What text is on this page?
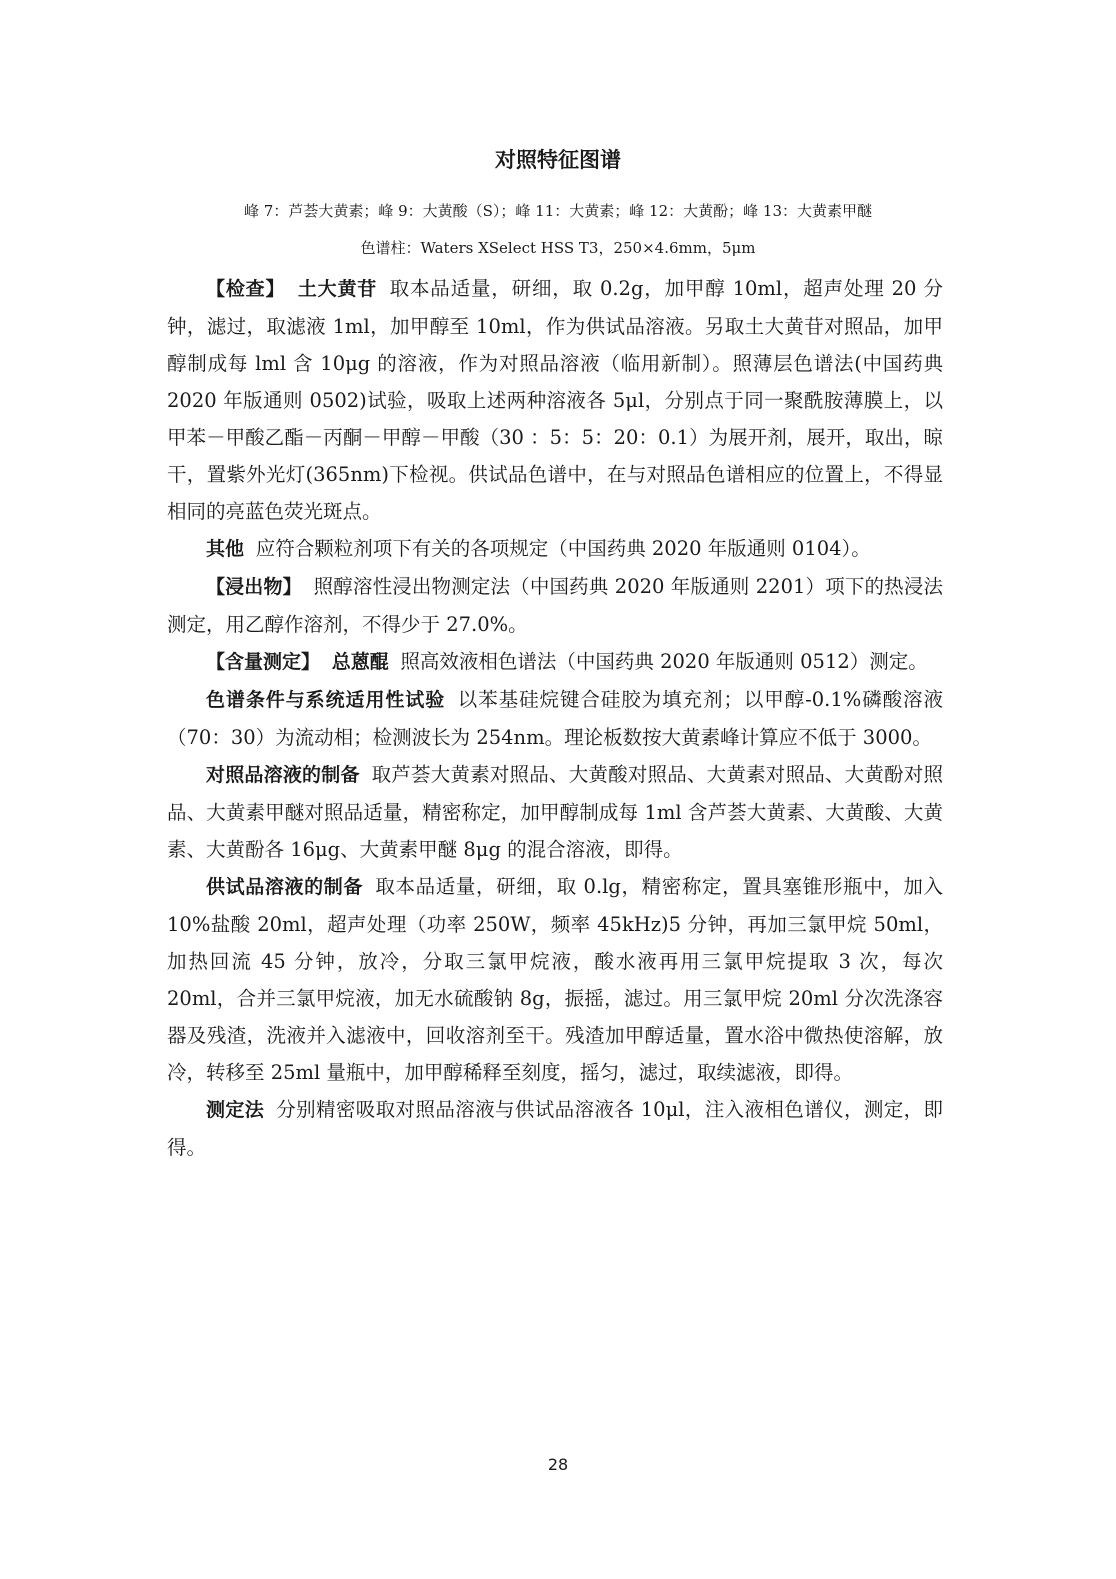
对照特征图谱
峰 7：芦荟大黄素；峰 9：大黄酸（S）；峰 11：大黄素；峰 12：大黄酚；峰 13：大黄素甲醚
色谱柱：Waters XSelect HSS T3，250×4.6mm，5μm

【检查】 土大黄苷 取本品适量，研细，取 0.2g，加甲醇 10ml，超声处理 20 分钟，滤过，取滤液 1ml，加甲醇至 10ml，作为供试品溶液。另取土大黄苷对照品，加甲醇制成每 lml 含 10μg 的溶液，作为对照品溶液（临用新制）。照薄层色谱法(中国药典 2020 年版通则 0502)试验，吸取上述两种溶液各 5μl，分别点于同一聚酰胺薄膜上，以甲苯－甲酸乙酯－丙酮－甲醇－甲酸（30 ：5：5：20：0.1）为展开剂，展开，取出，晾干，置紫外光灯(365nm)下检视。供试品色谱中，在与对照品色谱相应的位置上，不得显相同的亮蓝色荧光斑点。

其他 应符合颗粒剂项下有关的各项规定（中国药典 2020 年版通则 0104）。

【浸出物】 照醇溶性浸出物测定法（中国药典 2020 年版通则 2201）项下的热浸法测定，用乙醇作溶剂，不得少于 27.0%。

【含量测定】 总蒽醌 照高效液相色谱法（中国药典 2020 年版通则 0512）测定。

色谱条件与系统适用性试验 以苯基硅烷键合硅胶为填充剂；以甲醇-0.1%磷酸溶液（70：30）为流动相；检测波长为 254nm。理论板数按大黄素峰计算应不低于 3000。

对照品溶液的制备 取芦荟大黄素对照品、大黄酸对照品、大黄素对照品、大黄酚对照品、大黄素甲醚对照品适量，精密称定，加甲醇制成每 1ml 含芦荟大黄素、大黄酸、大黄素、大黄酚各 16μg、大黄素甲醚 8μg 的混合溶液，即得。

供试品溶液的制备 取本品适量，研细，取 0.lg，精密称定，置具塞锥形瓶中，加入 10%盐酸 20ml，超声处理（功率 250W，频率 45kHz)5 分钟，再加三氯甲烷 50ml，加热回流 45 分钟，放冷，分取三氯甲烷液，酸水液再用三氯甲烷提取 3 次，每次 20ml，合并三氯甲烷液，加无水硫酸钠 8g，振摇，滤过。用三氯甲烷 20ml 分次洗涤容器及残渣，洗液并入滤液中，回收溶剂至干。残渣加甲醇适量，置水浴中微热使溶解，放冷，转移至 25ml 量瓶中，加甲醇稀释至刻度，摇匀，滤过，取续滤液，即得。

测定法 分别精密吸取对照品溶液与供试品溶液各 10μl，注入液相色谱仪，测定，即得。

28
